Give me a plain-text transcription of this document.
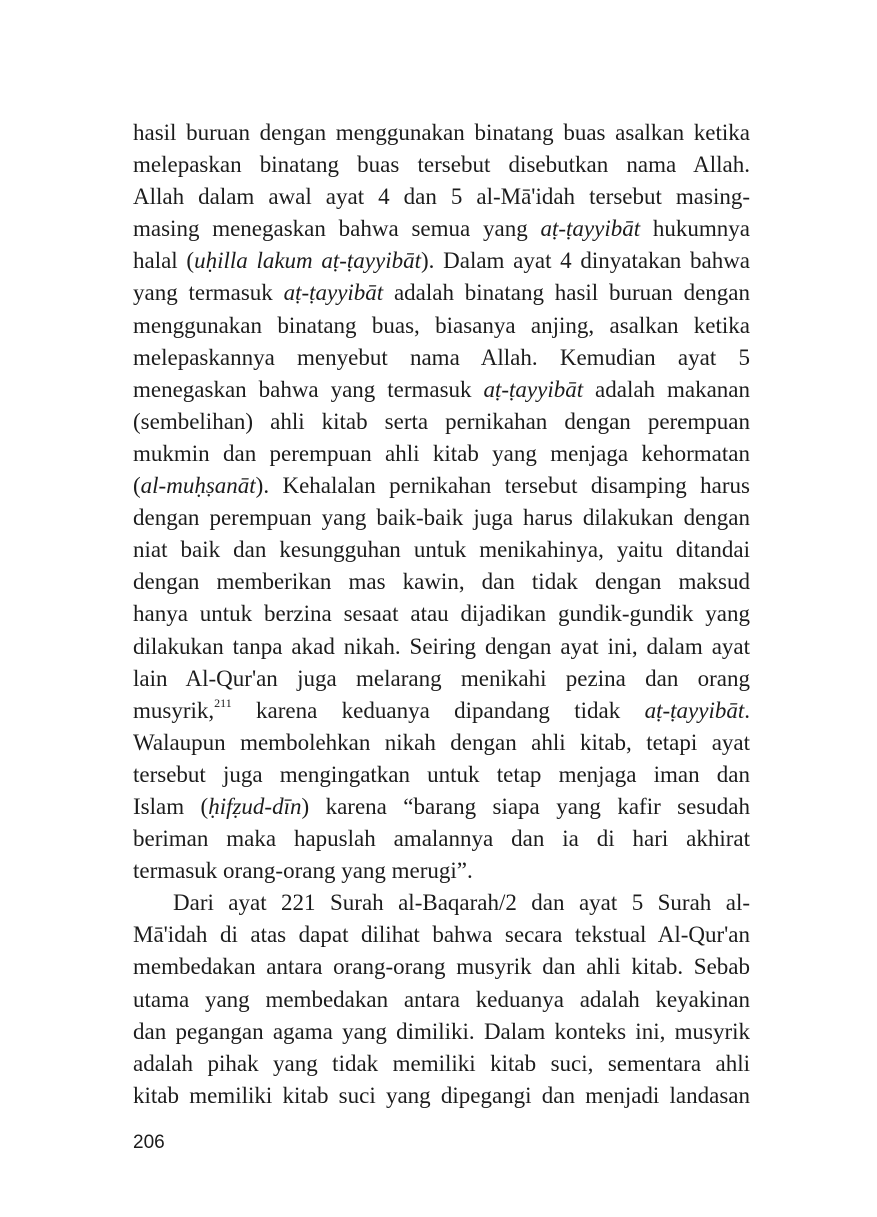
hasil buruan dengan menggunakan binatang buas asalkan ketika
melepaskan binatang buas tersebut disebutkan nama Allah.
Allah dalam awal ayat 4 dan 5 al-Mā'idah tersebut masing-
masing menegaskan bahwa semua yang aṭ-ṭayyibāt hukumnya
halal (uḥilla lakum aṭ-ṭayyibāt). Dalam ayat 4 dinyatakan bahwa
yang termasuk aṭ-ṭayyibāt adalah binatang hasil buruan dengan
menggunakan binatang buas, biasanya anjing, asalkan ketika
melepaskannya menyebut nama Allah. Kemudian ayat 5
menegaskan bahwa yang termasuk aṭ-ṭayyibāt adalah makanan
(sembelihan) ahli kitab serta pernikahan dengan perempuan
mukmin dan perempuan ahli kitab yang menjaga kehormatan
(al-muḥṣanāt). Kehalalan pernikahan tersebut disamping harus
dengan perempuan yang baik-baik juga harus dilakukan dengan
niat baik dan kesungguhan untuk menikahinya, yaitu ditandai
dengan memberikan mas kawin, dan tidak dengan maksud
hanya untuk berzina sesaat atau dijadikan gundik-gundik yang
dilakukan tanpa akad nikah. Seiring dengan ayat ini, dalam ayat
lain Al-Qur'an juga melarang menikahi pezina dan orang
musyrik,$^{211}$ karena keduanya dipandang tidak aṭ-ṭayyibāt.
Walaupun membolehkan nikah dengan ahli kitab, tetapi ayat
tersebut juga mengingatkan untuk tetap menjaga iman dan
Islam (ḥifẓud-dīn) karena “barang siapa yang kafir sesudah
beriman maka hapuslah amalannya dan ia di hari akhirat
termasuk orang-orang yang merugi”.

Dari ayat 221 Surah al-Baqarah/2 dan ayat 5 Surah al-
Mā'idah di atas dapat dilihat bahwa secara tekstual Al-Qur'an
membedakan antara orang-orang musyrik dan ahli kitab. Sebab
utama yang membedakan antara keduanya adalah keyakinan
dan pegangan agama yang dimiliki. Dalam konteks ini, musyrik
adalah pihak yang tidak memiliki kitab suci, sementara ahli
kitab memiliki kitab suci yang dipegangi dan menjadi landasan

206
